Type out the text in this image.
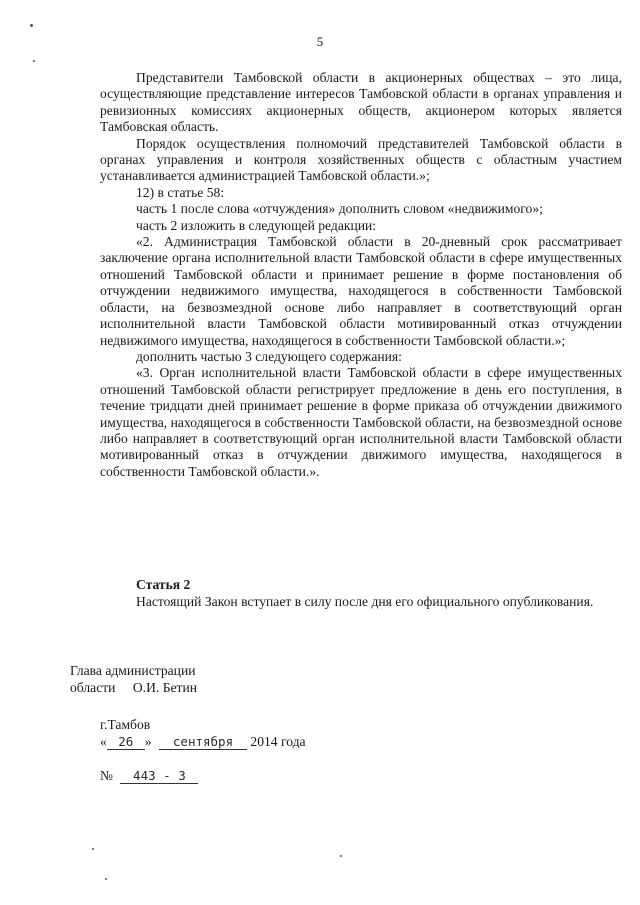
5

Представители Тамбовской области в акционерных обществах – это лица, осуществляющие представление интересов Тамбовской области в органах управления и ревизионных комиссиях акционерных обществ, акционером которых является Тамбовская область.

Порядок осуществления полномочий представителей Тамбовской области в органах управления и контроля хозяйственных обществ с областным участием устанавливается администрацией Тамбовской области.»;

12) в статье 58:

часть 1 после слова «отчуждения» дополнить словом «недвижимого»;

часть 2 изложить в следующей редакции:

«2. Администрация Тамбовской области в 20-дневный срок рассматривает заключение органа исполнительной власти Тамбовской области в сфере имущественных отношений Тамбовской области и принимает решение в форме постановления об отчуждении недвижимого имущества, находящегося в собственности Тамбовской области, на безвозмездной основе либо направляет в соответствующий орган исполнительной власти Тамбовской области мотивированный отказ отчуждении недвижимого имущества, находящегося в собственности Тамбовской области.»;

дополнить частью 3 следующего содержания:

«3. Орган исполнительной власти Тамбовской области в сфере имущественных отношений Тамбовской области регистрирует предложение в день его поступления, в течение тридцати дней принимает решение в форме приказа об отчуждении движимого имущества, находящегося в собственности Тамбовской области, на безвозмездной основе либо направляет в соответствующий орган исполнительной власти Тамбовской области мотивированный отказ в отчуждении движимого имущества, находящегося в собственности Тамбовской области.».

Статья 2
Настоящий Закон вступает в силу после дня его официального опубликования.
Глава администрации
области О.И. Бетин
г.Тамбов
« 26 » сентября 2014 года
№ 443 - З
